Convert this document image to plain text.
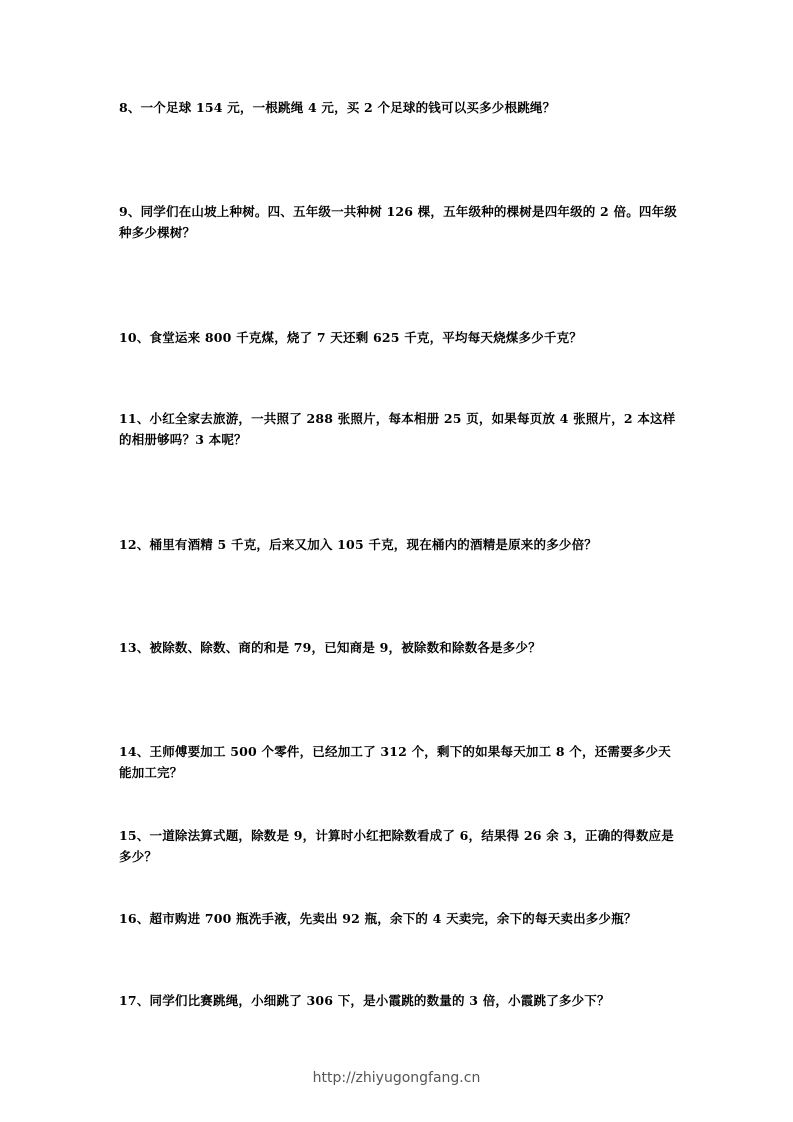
8、一个足球 154 元，一根跳绳 4 元，买 2 个足球的钱可以买多少根跳绳？

9、同学们在山坡上种树。四、五年级一共种树 126 棵，五年级种的棵树是四年级的 2 倍。四年级种多少棵树？

10、食堂运来 800 千克煤，烧了 7 天还剩 625 千克，平均每天烧煤多少千克？

11、小红全家去旅游，一共照了 288 张照片，每本相册 25 页，如果每页放 4 张照片，2 本这样的相册够吗？3 本呢？

12、桶里有酒精 5 千克，后来又加入 105 千克，现在桶内的酒精是原来的多少倍？

13、被除数、除数、商的和是 79，已知商是 9，被除数和除数各是多少？

14、王师傅要加工 500 个零件，已经加工了 312 个，剩下的如果每天加工 8 个，还需要多少天能加工完？

15、一道除法算式题，除数是 9，计算时小红把除数看成了 6，结果得 26 余 3，正确的得数应是多少？

16、超市购进 700 瓶洗手液，先卖出 92 瓶，余下的 4 天卖完，余下的每天卖出多少瓶？

17、同学们比赛跳绳，小细跳了 306 下，是小霞跳的数量的 3 倍，小霞跳了多少下？

http://zhiyugongfang.cn
